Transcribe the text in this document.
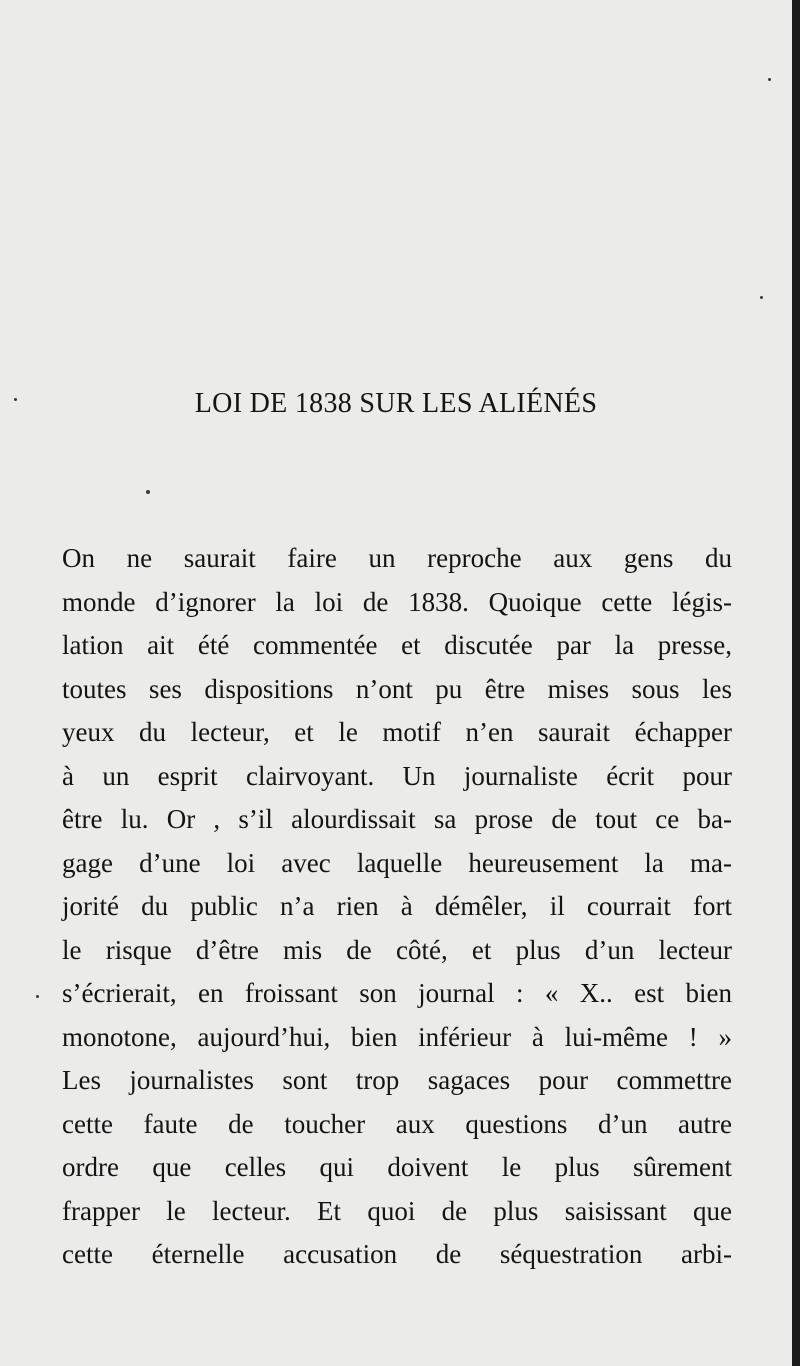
LOI DE 1838 SUR LES ALIÉNÉS
On ne saurait faire un reproche aux gens du
monde d’ignorer la loi de 1838. Quoique cette légis-
lation ait été commentée et discutée par la presse,
toutes ses dispositions n’ont pu être mises sous les
yeux du lecteur, et le motif n’en saurait échapper
à un esprit clairvoyant. Un journaliste écrit pour
être lu. Or , s’il alourdissait sa prose de tout ce ba-
gage d’une loi avec laquelle heureusement la ma-
jorité du public n’a rien à démêler, il courrait fort
le risque d’être mis de côté, et plus d’un lecteur
s’écrierait, en froissant son journal : « X.. est bien
monotone, aujourd’hui, bien inférieur à lui-même ! »
Les journalistes sont trop sagaces pour commettre
cette faute de toucher aux questions d’un autre
ordre que celles qui doivent le plus sûrement
frapper le lecteur. Et quoi de plus saisissant que
cette éternelle accusation de séquestration arbi-
